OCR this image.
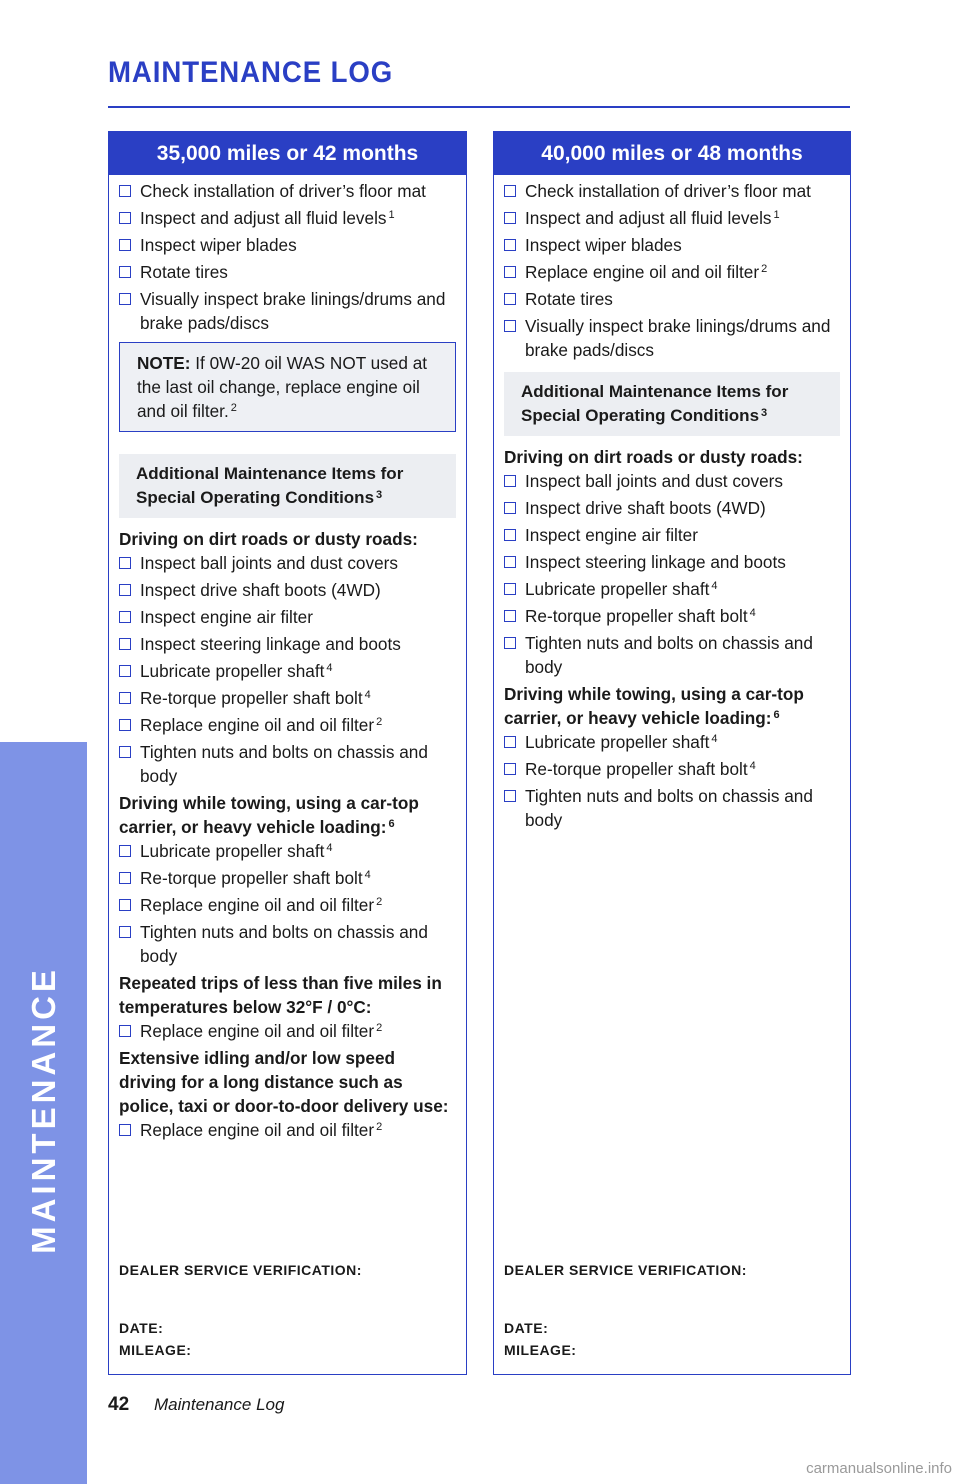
MAINTENANCE LOG
MAINTENANCE
42 Maintenance Log
carmanualsonline.info
35,000 miles or 42 months
Check installation of driver’s floor mat
Inspect and adjust all fluid levels $^1$
Inspect wiper blades
Rotate tires
Visually inspect brake linings/drums and brake pads/discs
NOTE: If 0W-20 oil WAS NOT used at the last oil change, replace engine oil and oil filter. $^2$
Additional Maintenance Items for Special Operating Conditions $^3$
Driving on dirt roads or dusty roads:
Inspect ball joints and dust covers
Inspect drive shaft boots (4WD)
Inspect engine air filter
Inspect steering linkage and boots
Lubricate propeller shaft $^4$
Re-torque propeller shaft bolt $^4$
Replace engine oil and oil filter $^2$
Tighten nuts and bolts on chassis and body
Driving while towing, using a car-top carrier, or heavy vehicle loading: $^6$
Lubricate propeller shaft $^4$
Re-torque propeller shaft bolt $^4$
Replace engine oil and oil filter $^2$
Tighten nuts and bolts on chassis and body
Repeated trips of less than five miles in temperatures below 32°F / 0°C:
Replace engine oil and oil filter $^2$
Extensive idling and/or low speed driving for a long distance such as police, taxi or door-to-door delivery use:
Replace engine oil and oil filter $^2$
DEALER SERVICE VERIFICATION:
DATE:
MILEAGE:
40,000 miles or 48 months
Check installation of driver’s floor mat
Inspect and adjust all fluid levels $^1$
Inspect wiper blades
Replace engine oil and oil filter $^2$
Rotate tires
Visually inspect brake linings/drums and brake pads/discs
Additional Maintenance Items for Special Operating Conditions $^3$
Driving on dirt roads or dusty roads:
Inspect ball joints and dust covers
Inspect drive shaft boots (4WD)
Inspect engine air filter
Inspect steering linkage and boots
Lubricate propeller shaft $^4$
Re-torque propeller shaft bolt $^4$
Tighten nuts and bolts on chassis and body
Driving while towing, using a car-top carrier, or heavy vehicle loading: $^6$
Lubricate propeller shaft $^4$
Re-torque propeller shaft bolt $^4$
Tighten nuts and bolts on chassis and body
DEALER SERVICE VERIFICATION:
DATE:
MILEAGE:
